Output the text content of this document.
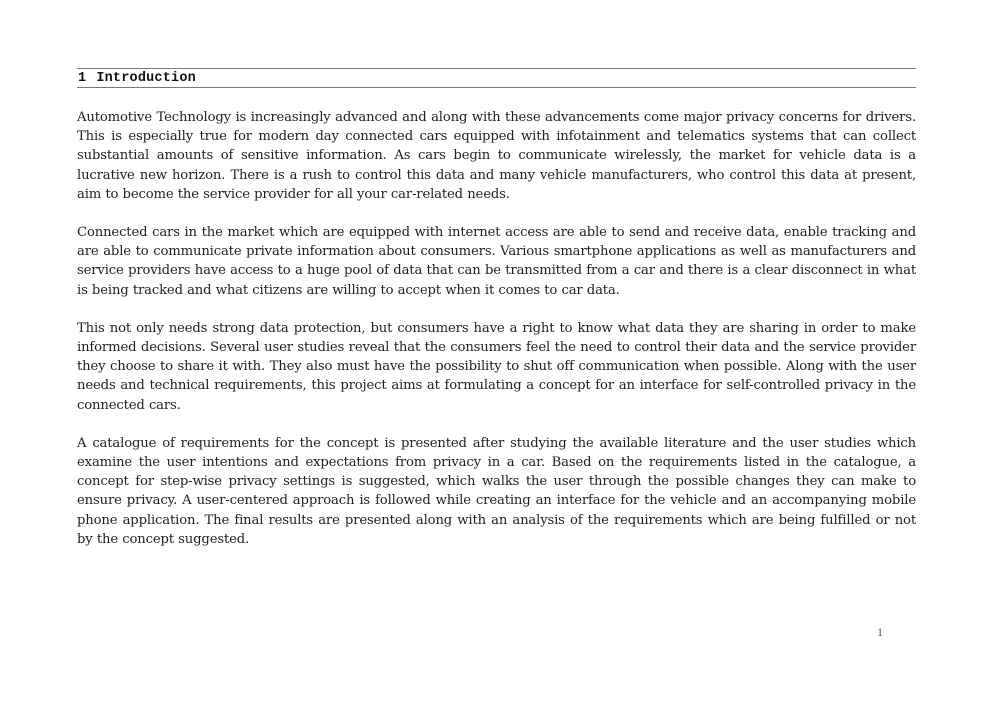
1 Introduction

Automotive Technology is increasingly advanced and along with these advancements come major privacy concerns for drivers. This is especially true for modern day connected cars equipped with infotainment and telematics systems that can collect substantial amounts of sensitive information. As cars begin to communicate wirelessly, the market for vehicle data is a lucrative new horizon. There is a rush to control this data and many vehicle manufacturers, who control this data at present, aim to become the service provider for all your car-related needs.

Connected cars in the market which are equipped with internet access are able to send and receive data, enable tracking and are able to communicate private information about consumers. Various smartphone applications as well as manufacturers and service providers have access to a huge pool of data that can be transmitted from a car and there is a clear disconnect in what is being tracked and what citizens are willing to accept when it comes to car data.

This not only needs strong data protection, but consumers have a right to know what data they are sharing in order to make informed decisions. Several user studies reveal that the consumers feel the need to control their data and the service provider they choose to share it with. They also must have the possibility to shut off communication when possible. Along with the user needs and technical requirements, this project aims at formulating a concept for an interface for self-controlled privacy in the connected cars.

A catalogue of requirements for the concept is presented after studying the available literature and the user studies which examine the user intentions and expectations from privacy in a car. Based on the requirements listed in the catalogue, a concept for step-wise privacy settings is suggested, which walks the user through the possible changes they can make to ensure privacy. A user-centered approach is followed while creating an interface for the vehicle and an accompanying mobile phone application. The final results are presented along with an analysis of the requirements which are being fulfilled or not by the concept suggested.

1
